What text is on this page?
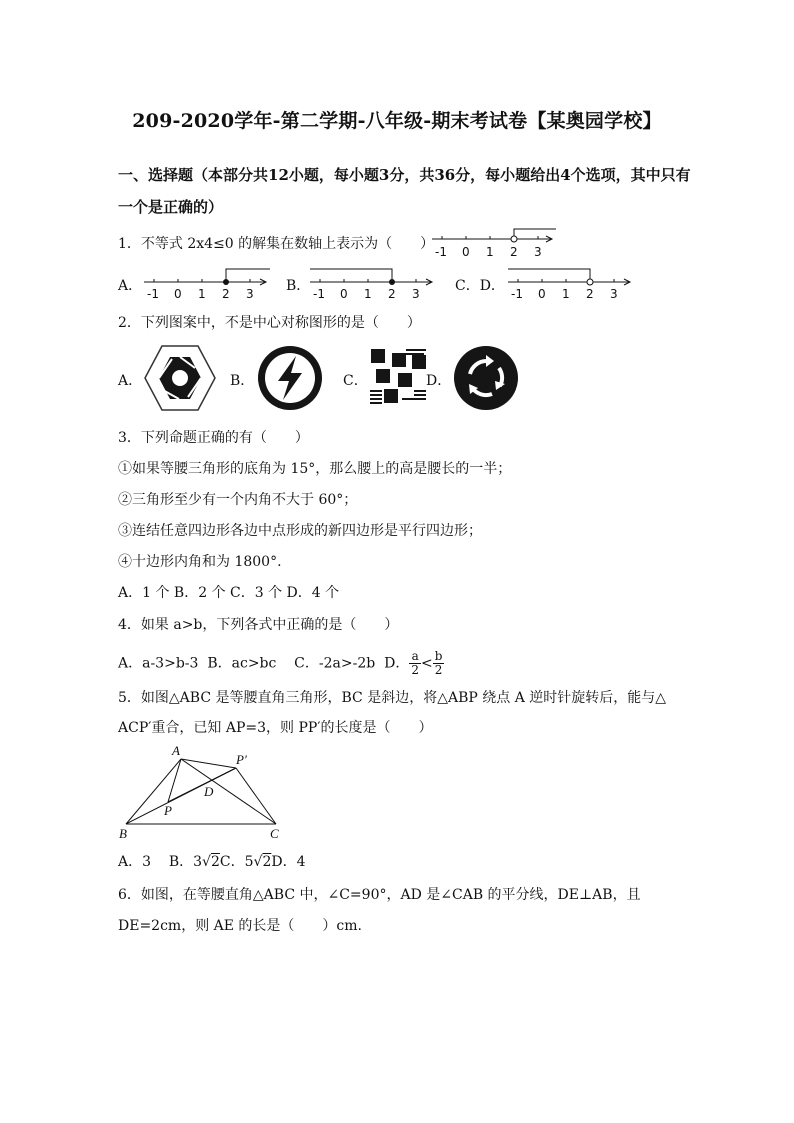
209-2020学年-第二学期-八年级-期末考试卷【某奥园学校】
一、选择题（本部分共12小题，每小题3分，共36分，每小题给出4个选项，其中只有
一个是正确的）
1．不等式 2x4≤0 的解集在数轴上表示为（　　） -1 0 1 2 3
A． -1 0 1 2 3 B． -1 0 1 2 3	C．D． -1 0 1 2 3
2．下列图案中，不是中心对称图形的是（　　）
A．	B．	C．	D．
3．下列命题正确的有（　　）
①如果等腰三角形的底角为 15°，那么腰上的高是腰长的一半；
②三角形至少有一个内角不大于 60°；
③连结任意四边形各边中点形成的新四边形是平行四边形；
④十边形内角和为 1800°.
A．1 个 B．2 个 C．3 个 D．4 个
4．如果 a>b，下列各式中正确的是（　　）
A．a-3>b-3 B．ac>bc C．-2a>-2b D． $\frac{a}{2} < \frac{b}{2}$
5．如图△ABC 是等腰直角三角形，BC 是斜边，将△ABP 绕点 A 逆时针旋转后，能与△
ACP′重合，已知 AP=3，则 PP′的长度是（　　）
A
P′
D
P
B	C
A．3 B．3√2C．5√2D．4
6．如图，在等腰直角△ABC 中，∠C=90°，AD 是∠CAB 的平分线，DE⊥AB，且
DE=2cm，则 AE 的长是（　　）cm.
